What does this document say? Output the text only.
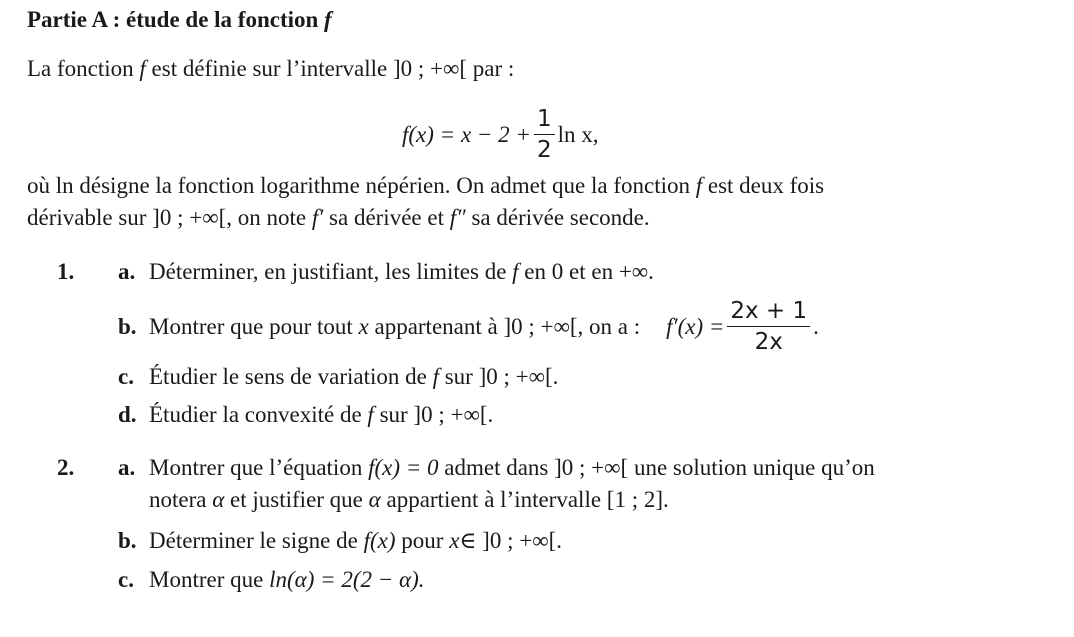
Partie A : étude de la fonction f
La fonction f est définie sur l’intervalle ]0 ; +∞[ par :
$f(x) = x - 2 + \frac{1}{2}$ ln x,
où ln désigne la fonction logarithme népérien. On admet que la fonction f est deux fois
dérivable sur ]0 ; +∞[, on note f′ sa dérivée et f″ sa dérivée seconde.
1. a. Déterminer, en justifiant, les limites de
f
en 0 et en +∞.
b. Montrer que pour tout
x
appartenant à ]0 ; +∞[, on a : $f'(x) = \frac{2x + 1}{2x}$ .
c. Étudier le sens de variation de
f
sur ]0 ; +∞[.
d. Étudier la convexité de
f
sur ]0 ; +∞[.
2. a. Montrer que l’équation
f(x) = 0
admet dans ]0 ; +∞[ une solution unique qu’on
notera
α
et justifier que
α
appartient à l’intervalle [1 ; 2].
b. Déterminer le signe de
f(x)
pour
x ∈ ]0 ; +∞[.
c. Montrer que
ln(α) = 2(2 − α).
